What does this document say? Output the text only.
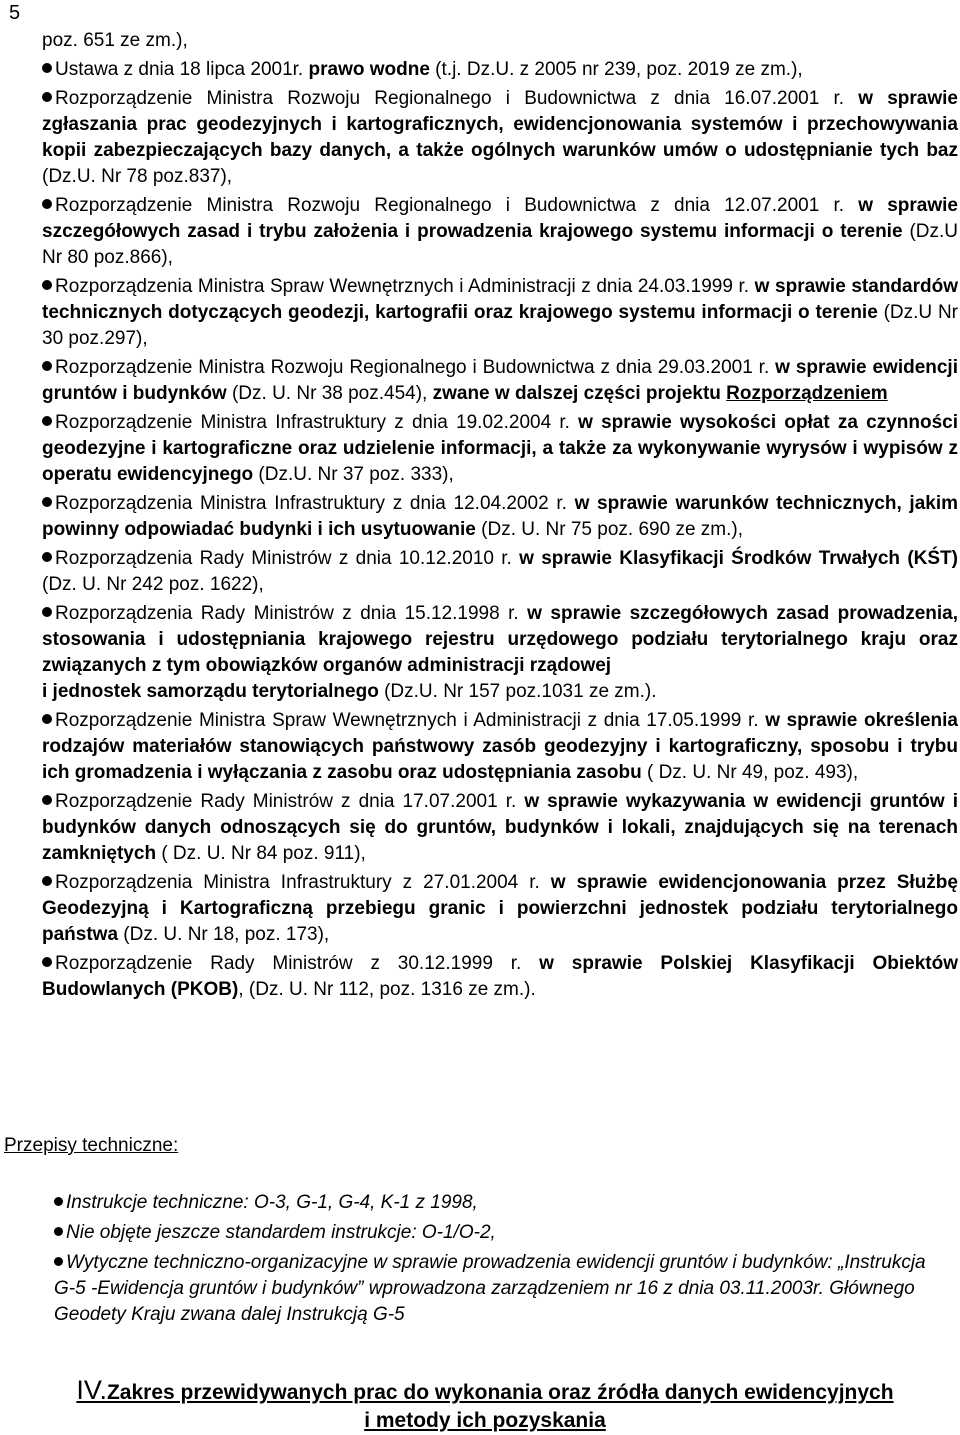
5
poz. 651 ze zm.),
Ustawa z dnia 18 lipca 2001r. prawo wodne (t.j. Dz.U. z 2005 nr 239, poz. 2019 ze zm.),
Rozporządzenie Ministra Rozwoju Regionalnego i Budownictwa z dnia 16.07.2001 r. w sprawie zgłaszania prac geodezyjnych i kartograficznych, ewidencjonowania systemów i przechowywania kopii zabezpieczających bazy danych, a także ogólnych warunków umów o udostępnianie tych baz (Dz.U. Nr 78 poz.837),
Rozporządzenie Ministra Rozwoju Regionalnego i Budownictwa z dnia 12.07.2001 r. w sprawie szczegółowych zasad i trybu założenia i prowadzenia krajowego systemu informacji o terenie (Dz.U Nr 80 poz.866),
Rozporządzenia Ministra Spraw Wewnętrznych i Administracji z dnia 24.03.1999 r. w sprawie standardów technicznych dotyczących geodezji, kartografii oraz krajowego systemu informacji o terenie (Dz.U Nr 30 poz.297),
Rozporządzenie Ministra Rozwoju Regionalnego i Budownictwa z dnia 29.03.2001 r. w sprawie ewidencji gruntów i budynków (Dz. U. Nr 38 poz.454), zwane w dalszej części projektu Rozporządzeniem
Rozporządzenie Ministra Infrastruktury z dnia 19.02.2004 r. w sprawie wysokości opłat za czynności geodezyjne i kartograficzne oraz udzielenie informacji, a także za wykonywanie wyrysów i wypisów z operatu ewidencyjnego (Dz.U. Nr 37 poz. 333),
Rozporządzenia Ministra Infrastruktury z dnia 12.04.2002 r. w sprawie warunków technicznych, jakim powinny odpowiadać budynki i ich usytuowanie (Dz. U. Nr 75 poz. 690 ze zm.),
Rozporządzenia Rady Ministrów z dnia 10.12.2010 r. w sprawie Klasyfikacji Środków Trwałych (KŚT) (Dz. U. Nr 242 poz. 1622),
Rozporządzenia Rady Ministrów z dnia 15.12.1998 r. w sprawie szczegółowych zasad prowadzenia, stosowania i udostępniania krajowego rejestru urzędowego podziału terytorialnego kraju oraz związanych z tym obowiązków organów administracji rządowej
i jednostek samorządu terytorialnego (Dz.U. Nr 157 poz.1031 ze zm.).
Rozporządzenie Ministra Spraw Wewnętrznych i Administracji z dnia 17.05.1999 r. w sprawie określenia rodzajów materiałów stanowiących państwowy zasób geodezyjny i kartograficzny, sposobu i trybu ich gromadzenia i wyłączania z zasobu oraz udostępniania zasobu ( Dz. U. Nr 49, poz. 493),
Rozporządzenie Rady Ministrów z dnia 17.07.2001 r. w sprawie wykazywania w ewidencji gruntów i budynków danych odnoszących się do gruntów, budynków i lokali, znajdujących się na terenach zamkniętych ( Dz. U. Nr 84 poz. 911),
Rozporządzenia Ministra Infrastruktury z 27.01.2004 r. w sprawie ewidencjonowania przez Służbę Geodezyjną i Kartograficzną przebiegu granic i powierzchni jednostek podziału terytorialnego państwa (Dz. U. Nr 18, poz. 173),
Rozporządzenie Rady Ministrów z 30.12.1999 r. w sprawie Polskiej Klasyfikacji Obiektów Budowlanych (PKOB), (Dz. U. Nr 112, poz. 1316 ze zm.).
Przepisy techniczne:
Instrukcje techniczne: O-3, G-1, G-4, K-1 z 1998,
Nie objęte jeszcze standardem instrukcje: O-1/O-2,
Wytyczne techniczno-organizacyjne w sprawie prowadzenia ewidencji gruntów i budynków: „Instrukcja G-5 -Ewidencja gruntów i budynków” wprowadzona zarządzeniem nr 16 z dnia 03.11.2003r. Głównego Geodety Kraju zwana dalej Instrukcją G-5
IV.Zakres przewidywanych prac do wykonania oraz źródła danych ewidencyjnych
i metody ich pozyskania
